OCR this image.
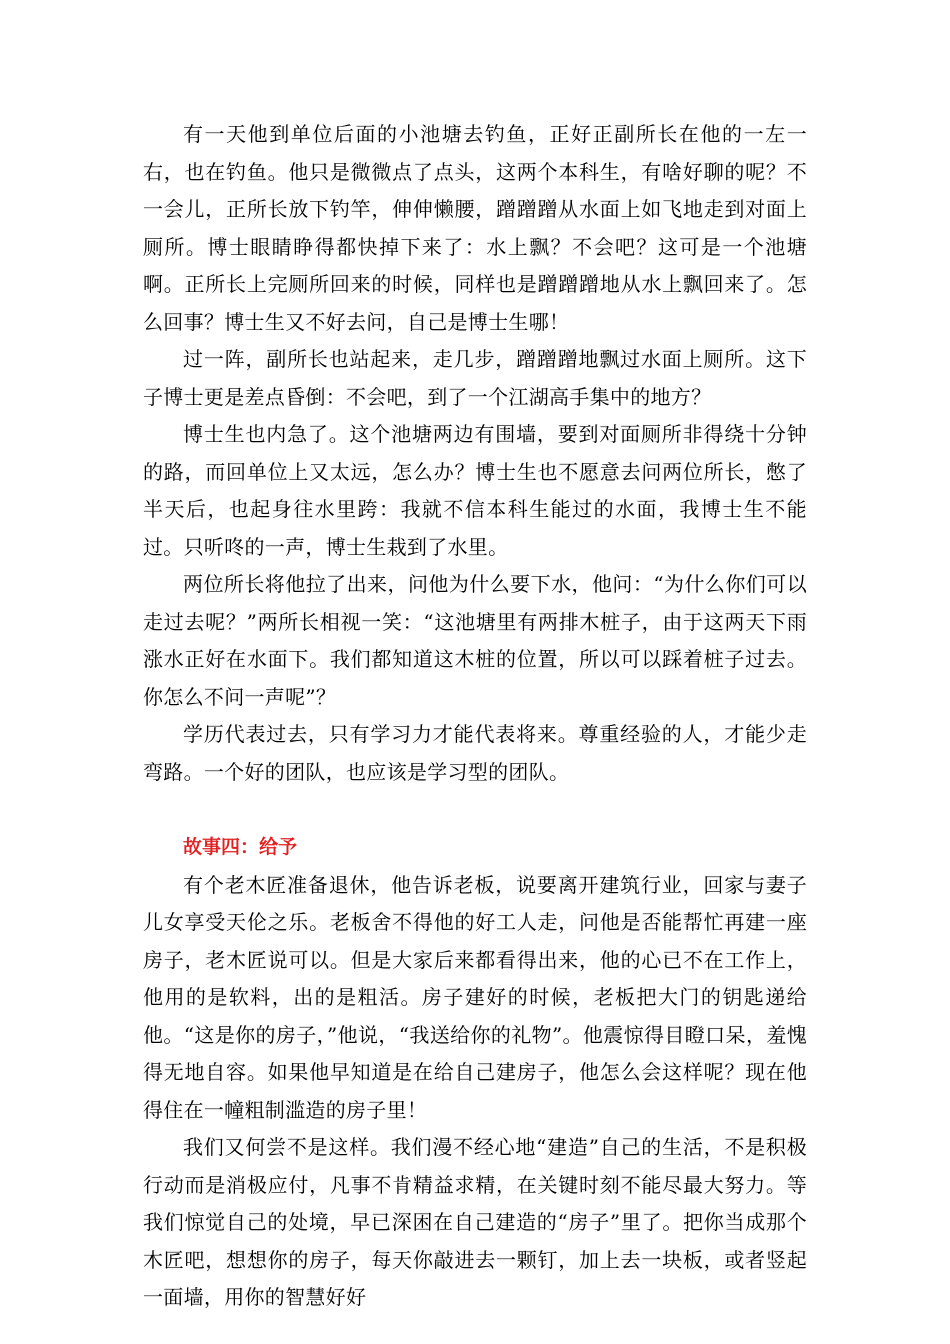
有一天他到单位后面的小池塘去钓鱼，正好正副所长在他的一左一右，也在钓鱼。他只是微微点了点头，这两个本科生，有啥好聊的呢？不一会儿，正所长放下钓竿，伸伸懒腰，蹭蹭蹭从水面上如飞地走到对面上厕所。博士眼睛睁得都快掉下来了：水上飘？不会吧？这可是一个池塘啊。正所长上完厕所回来的时候，同样也是蹭蹭蹭地从水上飘回来了。怎么回事？博士生又不好去问，自己是博士生哪！

过一阵，副所长也站起来，走几步，蹭蹭蹭地飘过水面上厕所。这下子博士更是差点昏倒：不会吧，到了一个江湖高手集中的地方？

博士生也内急了。这个池塘两边有围墙，要到对面厕所非得绕十分钟的路，而回单位上又太远，怎么办？博士生也不愿意去问两位所长，憋了半天后，也起身往水里跨：我就不信本科生能过的水面，我博士生不能过。只听咚的一声，博士生栽到了水里。

两位所长将他拉了出来，问他为什么要下水，他问：“为什么你们可以走过去呢？”两所长相视一笑：“这池塘里有两排木桩子，由于这两天下雨涨水正好在水面下。我们都知道这木桩的位置，所以可以踩着桩子过去。你怎么不问一声呢”？

学历代表过去，只有学习力才能代表将来。尊重经验的人，才能少走弯路。一个好的团队，也应该是学习型的团队。

故事四：给予

有个老木匠准备退休，他告诉老板，说要离开建筑行业，回家与妻子儿女享受天伦之乐。老板舍不得他的好工人走，问他是否能帮忙再建一座房子，老木匠说可以。但是大家后来都看得出来，他的心已不在工作上，他用的是软料，出的是粗活。房子建好的时候，老板把大门的钥匙递给他。“这是你的房子，”他说，“我送给你的礼物”。他震惊得目瞪口呆，羞愧得无地自容。如果他早知道是在给自己建房子，他怎么会这样呢？现在他得住在一幢粗制滥造的房子里！

我们又何尝不是这样。我们漫不经心地“建造”自己的生活，不是积极行动而是消极应付，凡事不肯精益求精，在关键时刻不能尽最大努力。等我们惊觉自己的处境，早已深困在自己建造的“房子”里了。把你当成那个木匠吧，想想你的房子，每天你敲进去一颗钉，加上去一块板，或者竖起一面墙，用你的智慧好好
